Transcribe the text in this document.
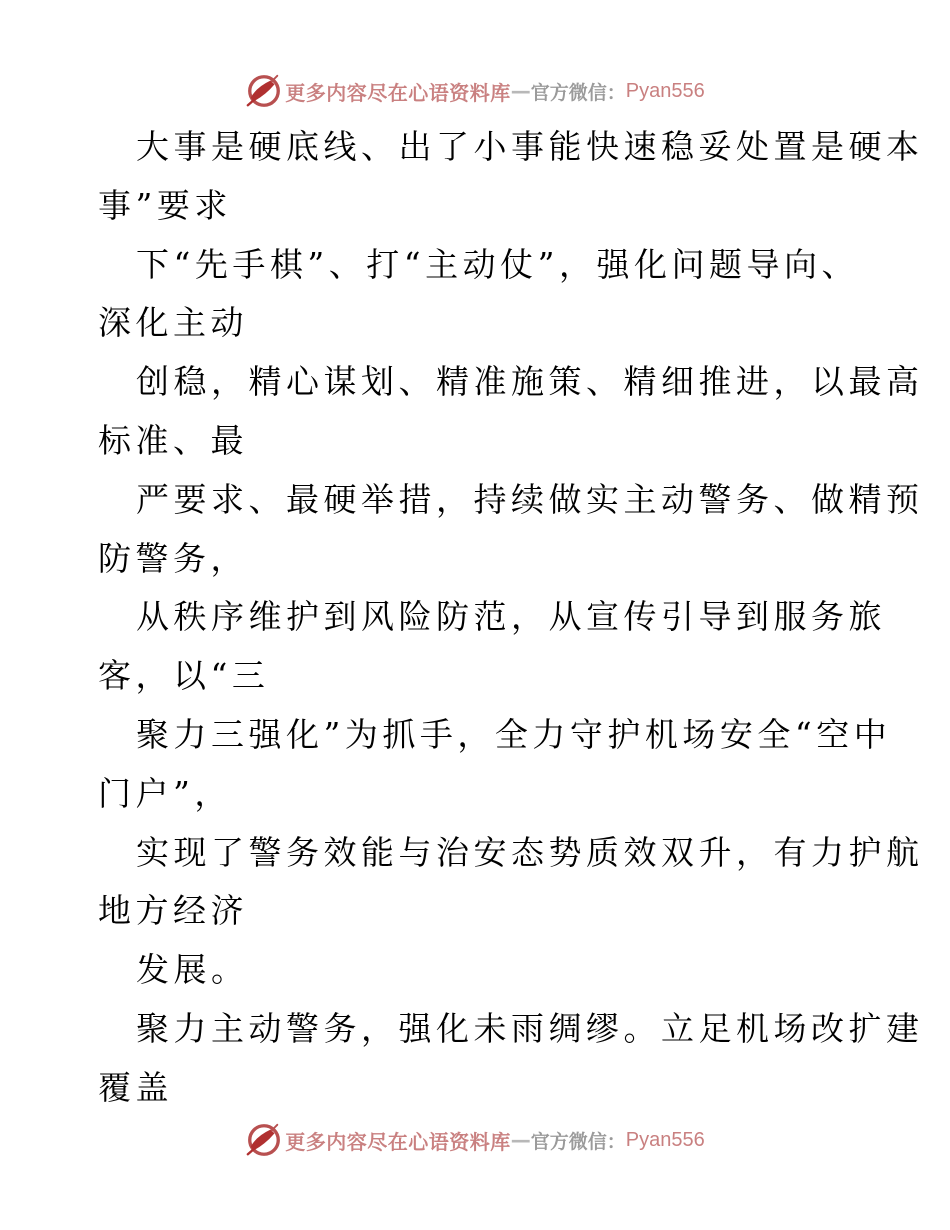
更多内容尽在心语资料库 — 官方微信： Pyan556
大事是硬底线、出了小事能快速稳妥处置是硬本
事”要求
下“先手棋”、打“主动仗”，强化问题导向、
深化主动
创稳，精心谋划、精准施策、精细推进，以最高
标准、最
严要求、最硬举措，持续做实主动警务、做精预
防警务，
从秩序维护到风险防范，从宣传引导到服务旅
客，以“三
聚力三强化”为抓手，全力守护机场安全“空中
门户”，
实现了警务效能与治安态势质效双升，有力护航
地方经济
发展。
聚力主动警务，强化未雨绸缪。立足机场改扩建
覆盖
更多内容尽在心语资料库 — 官方微信： Pyan556
